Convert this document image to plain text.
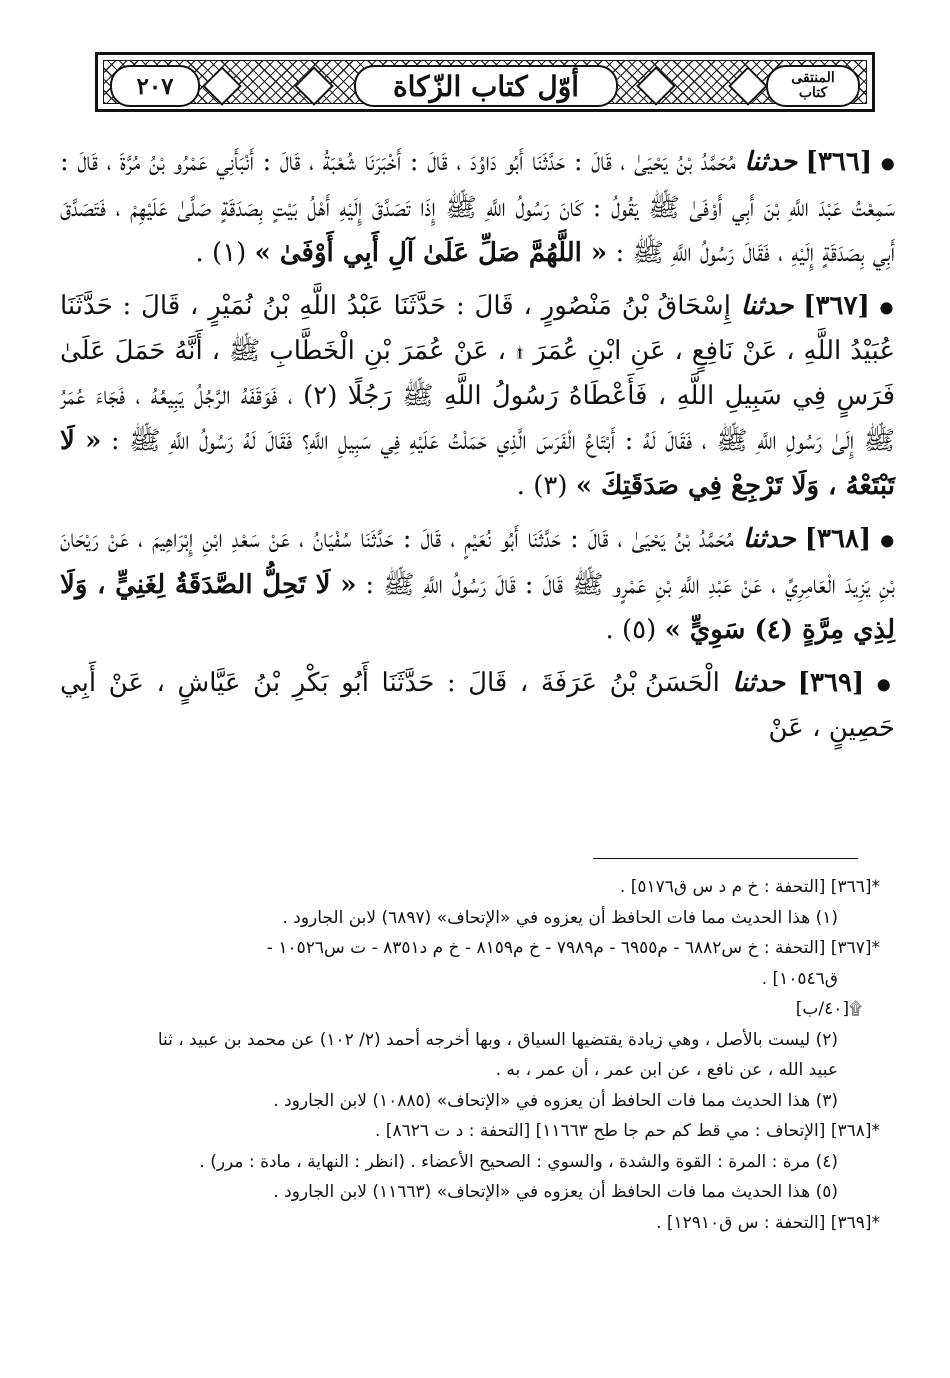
٢٠٧	أوّل كتاب الزّكاة	المنتقى
كتاب

● [٣٦٦] حدثنا مُحَمَّدُ بْنُ يَحْيَىٰ ، قَالَ : حَدَّثَنَا أَبُو دَاوُدَ ، قَالَ : أَخْبَرَنَا شُعْبَةُ ، قَالَ : أَنْبَأَنِي عَمْرُو بْنُ مُرَّةَ ، قَالَ : سَمِعْتُ عَبْدَ اللَّهِ بْنَ أَبِي أَوْفَىٰ ﷺ يَقُولُ : كَانَ رَسُولُ اللَّهِ ﷺ إِذَا تَصَدَّقَ إِلَيْهِ أَهْلُ بَيْتٍ بِصَدَقَةٍ صَلَّىٰ عَلَيْهِمْ ، فَتَصَدَّقَ أَبِي بِصَدَقَةٍ إِلَيْهِ ، فَقَالَ رَسُولُ اللَّهِ ﷺ : « اللَّهُمَّ صَلِّ عَلَىٰ آلِ أَبِي أَوْفَىٰ » (١) .

● [٣٦٧] حدثنا إِسْحَاقُ بْنُ مَنْصُورٍ ، قَالَ : حَدَّثَنَا عَبْدُ اللَّهِ بْنُ نُمَيْرٍ ، قَالَ : حَدَّثَنَا عُبَيْدُ اللَّهِ ، عَنْ نَافِعٍ ، عَنِ ابْنِ عُمَرَ ۩ ، عَنْ عُمَرَ بْنِ الْخَطَّابِ ﷺ ، أَنَّهُ حَمَلَ عَلَىٰ فَرَسٍ فِي سَبِيلِ اللَّهِ ، فَأَعْطَاهُ رَسُولُ اللَّهِ ﷺ رَجُلًا (٢) ، فَوَقَفَهُ الرَّجُلُ يَبِيعُهُ ، فَجَاءَ عُمَرُ ﷺ إِلَىٰ رَسُولِ اللَّهِ ﷺ ، فَقَالَ لَهُ : أَبْتَاعُ الْفَرَسَ الَّذِي حَمَلْتُ عَلَيْهِ فِي سَبِيلِ اللَّهِ؟ فَقَالَ لَهُ رَسُولُ اللَّهِ ﷺ : « لَا تَبْتَعْهُ ، وَلَا تَرْجِعْ فِي صَدَقَتِكَ » (٣) .

● [٣٦٨] حدثنا مُحَمَّدُ بْنُ يَحْيَىٰ ، قَالَ : حَدَّثَنَا أَبُو نُعَيْمٍ ، قَالَ : حَدَّثَنَا سُفْيَانُ ، عَنْ سَعْدِ ابْنِ إِبْرَاهِيمَ ، عَنْ رَيْحَانَ بْنِ يَزِيدَ الْعَامِرِيِّ ، عَنْ عَبْدِ اللَّهِ بْنِ عَمْرٍو ﷺ قَالَ : قَالَ رَسُولُ اللَّهِ ﷺ : « لَا تَحِلُّ الصَّدَقَةُ لِغَنِيٍّ ، وَلَا لِذِي مِرَّةٍ (٤) سَوِيٍّ » (٥) .

● [٣٦٩] حدثنا الْحَسَنُ بْنُ عَرَفَةَ ، قَالَ : حَدَّثَنَا أَبُو بَكْرِ بْنُ عَيَّاشٍ ، عَنْ أَبِي حَصِينٍ ، عَنْ

*[٣٦٦] [التحفة : خ م د س ق٥١٧٦] .

(١) هذا الحديث مما فات الحافظ أن يعزوه في «الإتحاف» (٦٨٩٧) لابن الجارود .

*[٣٦٧] [التحفة : خ س٦٨٨٢ - م٦٩٥٥ - م٧٩٨٩ - خ م٨١٥٩ - خ م د٨٣٥١ - ت س١٠٥٢٦ -

ق١٠٥٤٦] .

۩[٤٠/ب]

(٢) ليست بالأصل ، وهي زيادة يقتضيها السياق ، وبها أخرجه أحمد (٢/ ١٠٢) عن محمد بن عبيد ، ثنا

عبيد الله ، عن نافع ، عن ابن عمر ، أن عمر ، به .

(٣) هذا الحديث مما فات الحافظ أن يعزوه في «الإتحاف» (١٠٨٨٥) لابن الجارود .

*[٣٦٨] [الإتحاف : مي قط كم حم جا طح ١١٦٦٣] [التحفة : د ت ٨٦٢٦] .

(٤) مرة : المرة : القوة والشدة ، والسوي : الصحيح الأعضاء . (انظر : النهاية ، مادة : مرر) .

(٥) هذا الحديث مما فات الحافظ أن يعزوه في «الإتحاف» (١١٦٦٣) لابن الجارود .

*[٣٦٩] [التحفة : س ق١٢٩١٠] .
